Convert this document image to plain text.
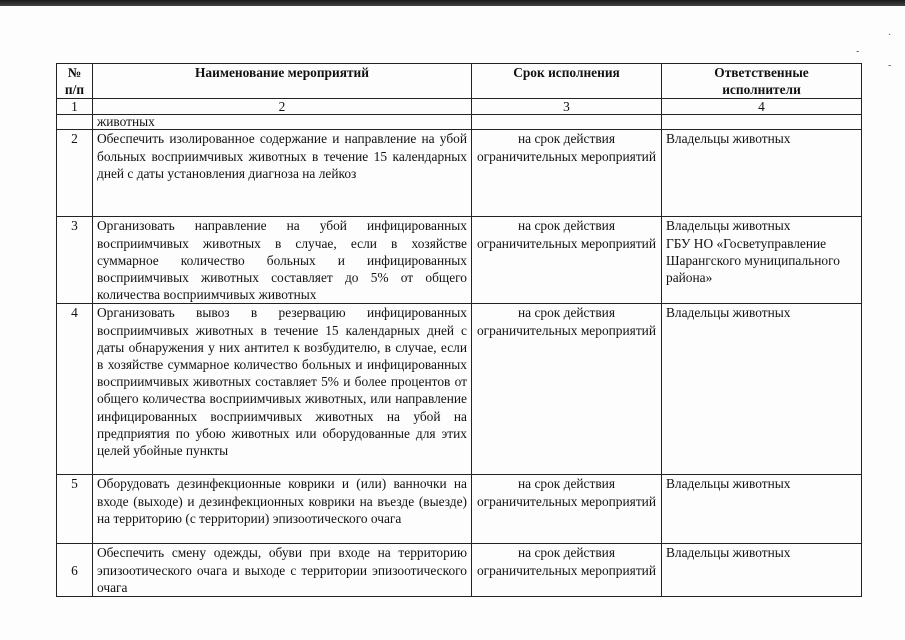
·
-
-
№
п/п	Наименование мероприятий	Срок исполнения	Ответственные
исполнители
1	2	3	4
	животных		
2	Обеспечить изолированное содержание и направление на убой больных восприимчивых животных в течение 15 календарных дней с даты установления диагноза на лейкоз	на срок действия ограничительных мероприятий	Владельцы животных
3	Организовать направление на убой инфицированных восприимчивых животных в случае, если в хозяйстве суммарное количество больных и инфицированных восприимчивых животных составляет до 5% от общего количества восприимчивых животных	на срок действия ограничительных мероприятий	Владельцы животных
ГБУ НО «Госветуправление Шарангского муниципального района»
4	Организовать вывоз в резервацию инфицированных восприимчивых животных в течение 15 календарных дней с даты обнаружения у них антител к возбудителю, в случае, если в хозяйстве суммарное количество больных и инфицированных восприимчивых животных составляет 5% и более процентов от общего количества восприимчивых животных, или направление инфицированных восприимчивых животных на убой на предприятия по убою животных или оборудованные для этих целей убойные пункты	на срок действия ограничительных мероприятий	Владельцы животных
5	Оборудовать дезинфекционные коврики и (или) ванночки на входе (выходе) и дезинфекционных коврики на въезде (выезде) на территорию (с территории) эпизоотического очага	на срок действия ограничительных мероприятий	Владельцы животных
6	Обеспечить смену одежды, обуви при входе на территорию эпизоотического очага и выходе с территории эпизоотического очага	на срок действия ограничительных мероприятий	Владельцы животных
